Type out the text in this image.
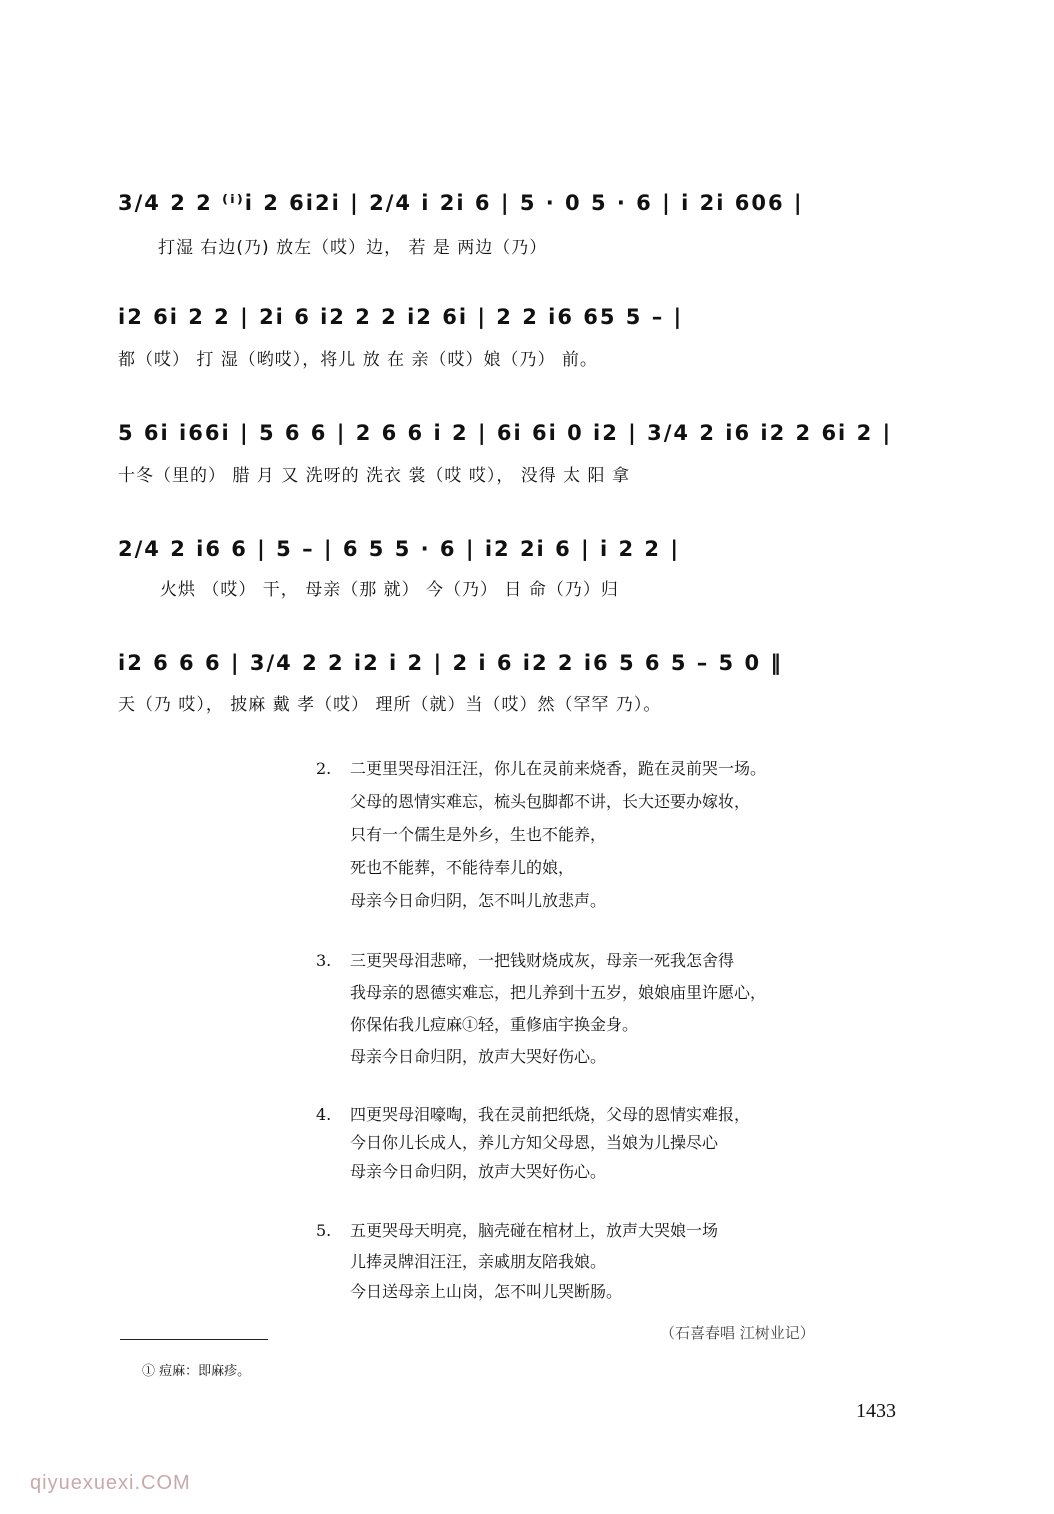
3/4 2 2 ⁽ⁱ⁾i 2 6i2i | 2/4 i 2i 6 | 5 · 0 5 · 6 | i 2i 606 |
打湿 右边(乃) 放左（哎）边， 若 是 两边（乃）
i2 6i 2 2 | 2i 6 i2 2 2 i2 6i | 2 2 i6 65 5 – |
都（哎） 打 湿（哟哎），将儿 放 在 亲（哎）娘（乃） 前。
5 6i i66i | 5 6 6 | 2 6 6 i 2 | 6i 6i 0 i2 | 3/4 2 i6 i2 2 6i 2 |
十冬（里的） 腊 月 又 洗呀的 洗衣 裳（哎 哎）， 没得 太 阳 拿
2/4 2 i6 6 | 5 – | 6 5 5 · 6 | i2 2i 6 | i 2 2 |
火烘 （哎） 干， 母亲（那 就） 今（乃） 日 命（乃）归
i2 6 6 6 | 3/4 2 2 i2 i 2 | 2 i 6 i2 2 i6 5 6 5 – 5 0 ‖
天（乃 哎）， 披麻 戴 孝（哎） 理所（就）当（哎）然（罕罕 乃）。
2. 二更里哭母泪汪汪，你儿在灵前来烧香，跪在灵前哭一场。
父母的恩情实难忘，梳头包脚都不讲，长大还要办嫁妆，
只有一个儒生是外乡，生也不能养，
死也不能葬，不能待奉儿的娘，
母亲今日命归阴，怎不叫儿放悲声。
3. 三更哭母泪悲啼，一把钱财烧成灰，母亲一死我怎舍得
我母亲的恩德实难忘，把儿养到十五岁，娘娘庙里许愿心，
你保佑我儿痘麻①轻，重修庙宇换金身。
母亲今日命归阴，放声大哭好伤心。
4. 四更哭母泪嚎啕，我在灵前把纸烧，父母的恩情实难报，
今日你儿长成人，养儿方知父母恩，当娘为儿操尽心
母亲今日命归阴，放声大哭好伤心。
5. 五更哭母天明亮，脑壳碰在棺材上，放声大哭娘一场
儿捧灵牌泪汪汪，亲戚朋友陪我娘。
今日送母亲上山岗，怎不叫儿哭断肠。
（石喜春唱 江树业记）
① 痘麻：即麻疹。
1433
qiyuexuexi.COM
